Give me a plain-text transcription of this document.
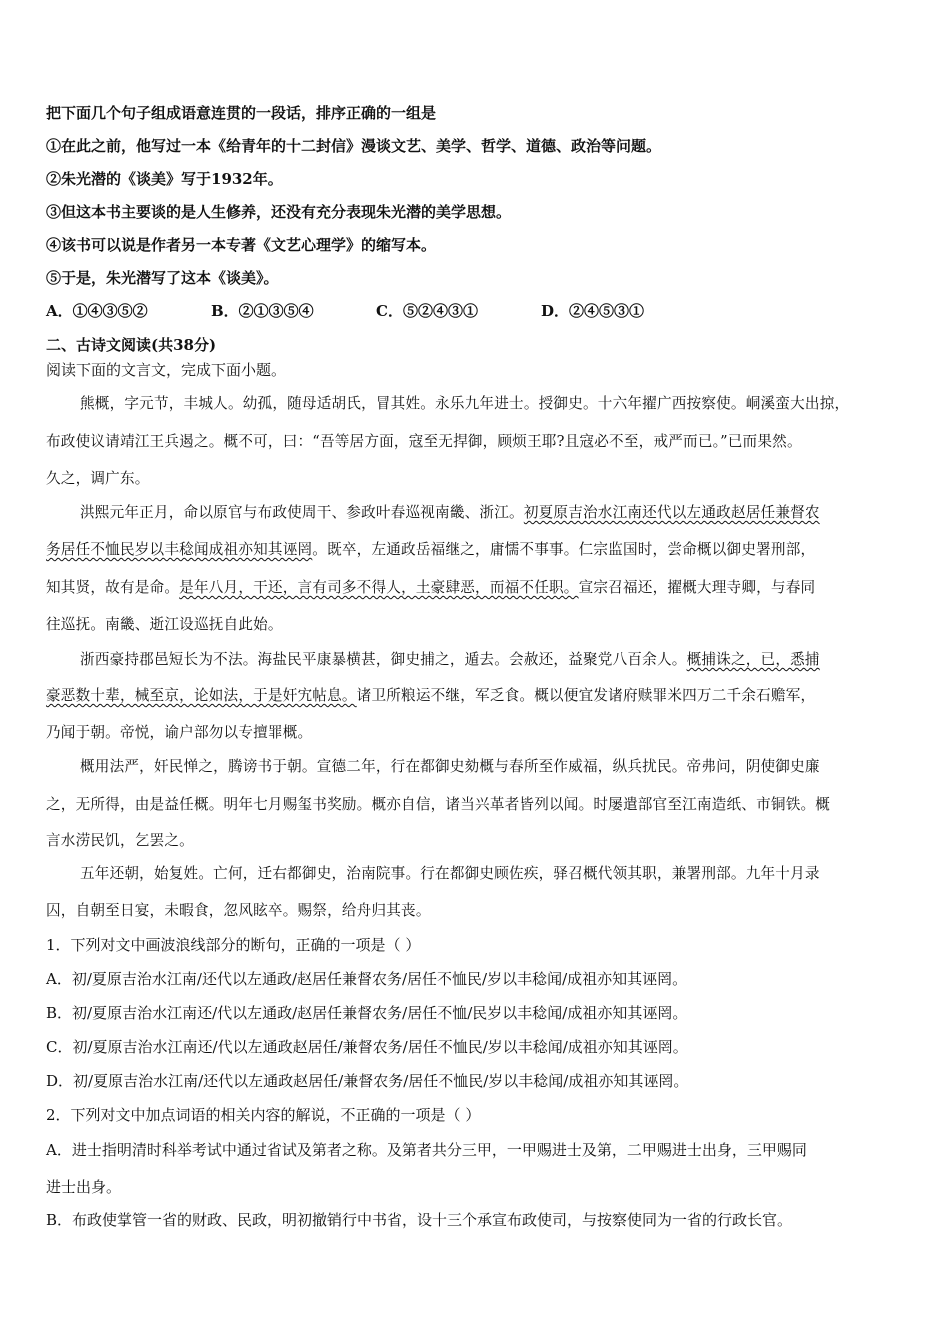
把下面几个句子组成语意连贯的一段话，排序正确的一组是
①在此之前，他写过一本《给青年的十二封信》漫谈文艺、美学、哲学、道德、政治等问题。
②朱光潜的《谈美》写于1932年。
③但这本书主要谈的是人生修养，还没有充分表现朱光潜的美学思想。
④该书可以说是作者另一本专著《文艺心理学》的缩写本。
⑤于是，朱光潜写了这本《谈美》。
A．①④③⑤②	B．②①③⑤④	C．⑤②④③①	D．②④⑤③①
二、古诗文阅读(共38分)
阅读下面的文言文，完成下面小题。
熊概，字元节，丰城人。幼孤，随母适胡氏，冒其姓。永乐九年进士。授御史。十六年擢广西按察使。峒溪蛮大出掠，
布政使议请靖江王兵遏之。概不可，曰：“吾等居方面，寇至无捍御，顾烦王耶?且寇必不至，戒严而已。”已而果然。
久之，调广东。
洪熙元年正月，命以原官与布政使周干、参政叶春巡视南畿、浙江。初夏原吉治水江南还代以左通政赵居任兼督农
务居任不恤民岁以丰稔闻成祖亦知其诬罔。既卒，左通政岳福继之，庸懦不事事。仁宗监国时，尝命概以御史署刑部，
知其贤，故有是命。是年八月，干还，言有司多不得人，土豪肆恶，而福不任职。宣宗召福还，擢概大理寺卿，与春同
往巡抚。南畿、逝江设巡抚自此始。
浙西豪持郡邑短长为不法。海盐民平康暴横甚，御史捕之，遁去。会赦还，益聚党八百余人。概捕诛之，已，悉捕
豪恶数十辈，械至京，论如法，于是奸宄帖息。诸卫所粮运不继，军乏食。概以便宜发诸府赎罪米四万二千余石赡军，
乃闻于朝。帝悦，谕户部勿以专擅罪概。
概用法严，奸民惮之，腾谤书于朝。宣德二年，行在都御史劾概与春所至作威福，纵兵扰民。帝弗问，阴使御史廉
之，无所得，由是益任概。明年七月赐玺书奖励。概亦自信，诸当兴革者皆列以闻。时屡遣部官至江南造纸、市铜铁。概
言水涝民饥，乞罢之。
五年还朝，始复姓。亡何，迁右都御史，治南院事。行在都御史顾佐疾，驿召概代领其职，兼署刑部。九年十月录
囚，自朝至日宴，未暇食，忽风眩卒。赐祭，给舟归其丧。
1．下列对文中画波浪线部分的断句，正确的一项是（ ）
A．初/夏原吉治水江南/还代以左通政/赵居任兼督农务/居任不恤民/岁以丰稔闻/成祖亦知其诬罔。
B．初/夏原吉治水江南还/代以左通政/赵居任兼督农务/居任不恤/民岁以丰稔闻/成祖亦知其诬罔。
C．初/夏原吉治水江南还/代以左通政赵居任/兼督农务/居任不恤民/岁以丰稔闻/成祖亦知其诬罔。
D．初/夏原吉治水江南/还代以左通政赵居任/兼督农务/居任不恤民/岁以丰稔闻/成祖亦知其诬罔。
2．下列对文中加点词语的相关内容的解说，不正确的一项是（ ）
A．进士指明清时科举考试中通过省试及第者之称。及第者共分三甲，一甲赐进士及第，二甲赐进士出身，三甲赐同
进士出身。
B．布政使掌管一省的财政、民政，明初撤销行中书省，设十三个承宣布政使司，与按察使同为一省的行政长官。
